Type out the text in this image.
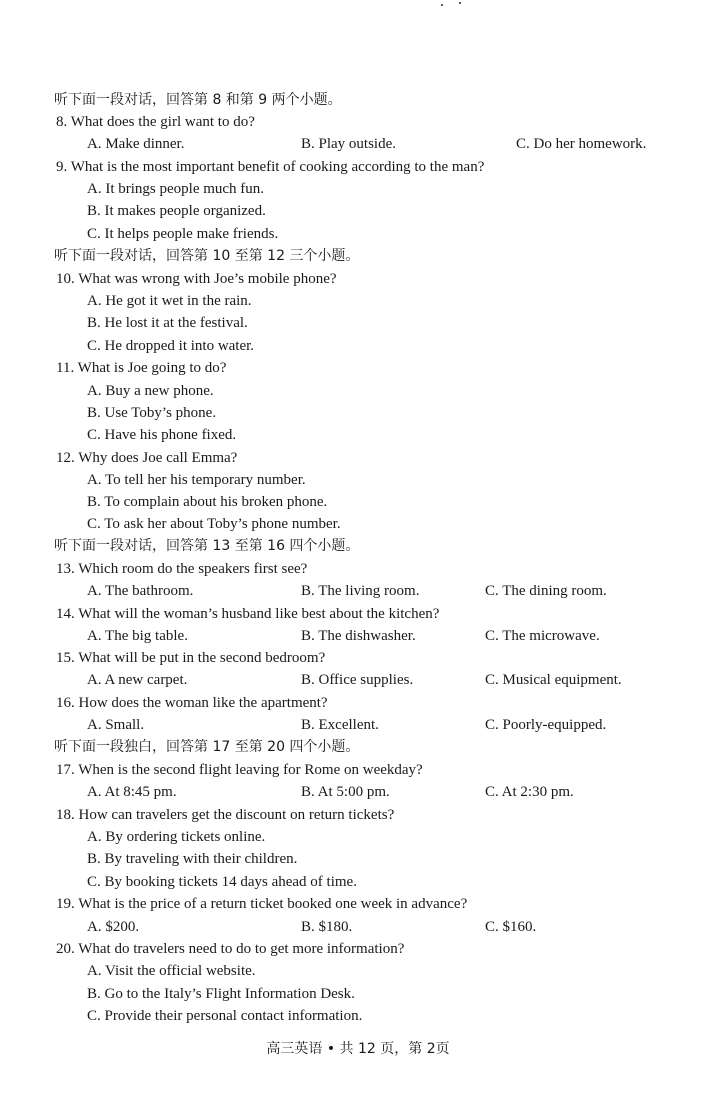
听下面一段对话，回答第 8 和第 9 两个小题。
8. What does the girl want to do?
A. Make dinner.	B. Play outside.	C. Do her homework.
9. What is the most important benefit of cooking according to the man?
A. It brings people much fun.
B. It makes people organized.
C. It helps people make friends.
听下面一段对话，回答第 10 至第 12 三个小题。
10. What was wrong with Joe’s mobile phone?
A. He got it wet in the rain.
B. He lost it at the festival.
C. He dropped it into water.
11. What is Joe going to do?
A. Buy a new phone.
B. Use Toby’s phone.
C. Have his phone fixed.
12. Why does Joe call Emma?
A. To tell her his temporary number.
B. To complain about his broken phone.
C. To ask her about Toby’s phone number.
听下面一段对话，回答第 13 至第 16 四个小题。
13. Which room do the speakers first see?
A. The bathroom.	B. The living room.	C. The dining room.
14. What will the woman’s husband like best about the kitchen?
A. The big table.	B. The dishwasher.	C. The microwave.
15. What will be put in the second bedroom?
A. A new carpet.	B. Office supplies.	C. Musical equipment.
16. How does the woman like the apartment?
A. Small.	B. Excellent.	C. Poorly-equipped.
听下面一段独白，回答第 17 至第 20 四个小题。
17. When is the second flight leaving for Rome on weekday?
A. At 8:45 pm.	B. At 5:00 pm.	C. At 2:30 pm.
18. How can travelers get the discount on return tickets?
A. By ordering tickets online.
B. By traveling with their children.
C. By booking tickets 14 days ahead of time.
19. What is the price of a return ticket booked one week in advance?
A. $200.	B. $180.	C. $160.
20. What do travelers need to do to get more information?
A. Visit the official website.
B. Go to the Italy’s Flight Information Desk.
C. Provide their personal contact information.
高三英语 • 共 12 页，第 2页
